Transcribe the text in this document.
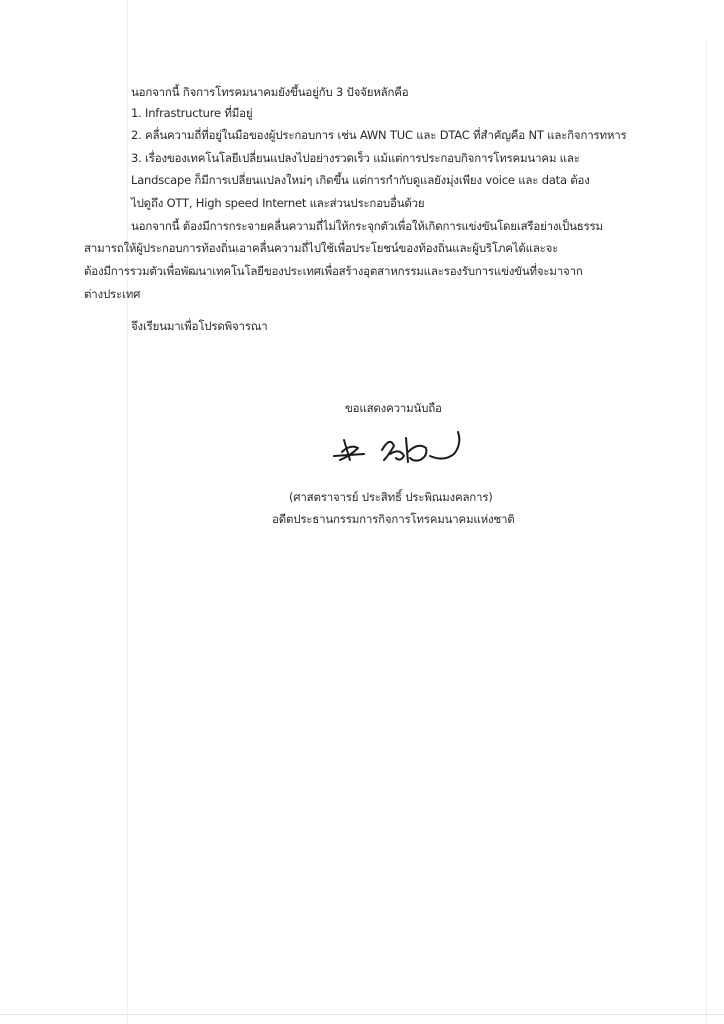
นอกจากนี้ กิจการโทรคมนาคมยังขึ้นอยู่กับ 3 ปัจจัยหลักคือ
1. Infrastructure ที่มีอยู่
2. คลื่นความถี่ที่อยู่ในมือของผู้ประกอบการ เช่น AWN TUC และ DTAC ที่สำคัญคือ NT และกิจการทหาร
3. เรื่องของเทคโนโลยีเปลี่ยนแปลงไปอย่างรวดเร็ว แม้แต่การประกอบกิจการโทรคมนาคม และ
Landscape ก็มีการเปลี่ยนแปลงใหม่ๆ เกิดขึ้น แต่การกำกับดูแลยังมุ่งเพียง voice และ data ต้อง
ไปดูถึง OTT, High speed Internet และส่วนประกอบอื่นด้วย
นอกจากนี้ ต้องมีการกระจายคลื่นความถี่ไม่ให้กระจุกตัวเพื่อให้เกิดการแข่งขันโดยเสรีอย่างเป็นธรรม
สามารถให้ผู้ประกอบการท้องถิ่นเอาคลื่นความถี่ไปใช้เพื่อประโยชน์ของท้องถิ่นและผู้บริโภคได้และจะ
ต้องมีการรวมตัวเพื่อพัฒนาเทคโนโลยีของประเทศเพื่อสร้างอุตสาหกรรมและรองรับการแข่งขันที่จะมาจาก
ต่างประเทศ
จึงเรียนมาเพื่อโปรดพิจารณา
ขอแสดงความนับถือ
(ศาสตราจารย์ ประสิทธิ์ ประพิณมงคลการ)
อดีตประธานกรรมการกิจการโทรคมนาคมแห่งชาติ
